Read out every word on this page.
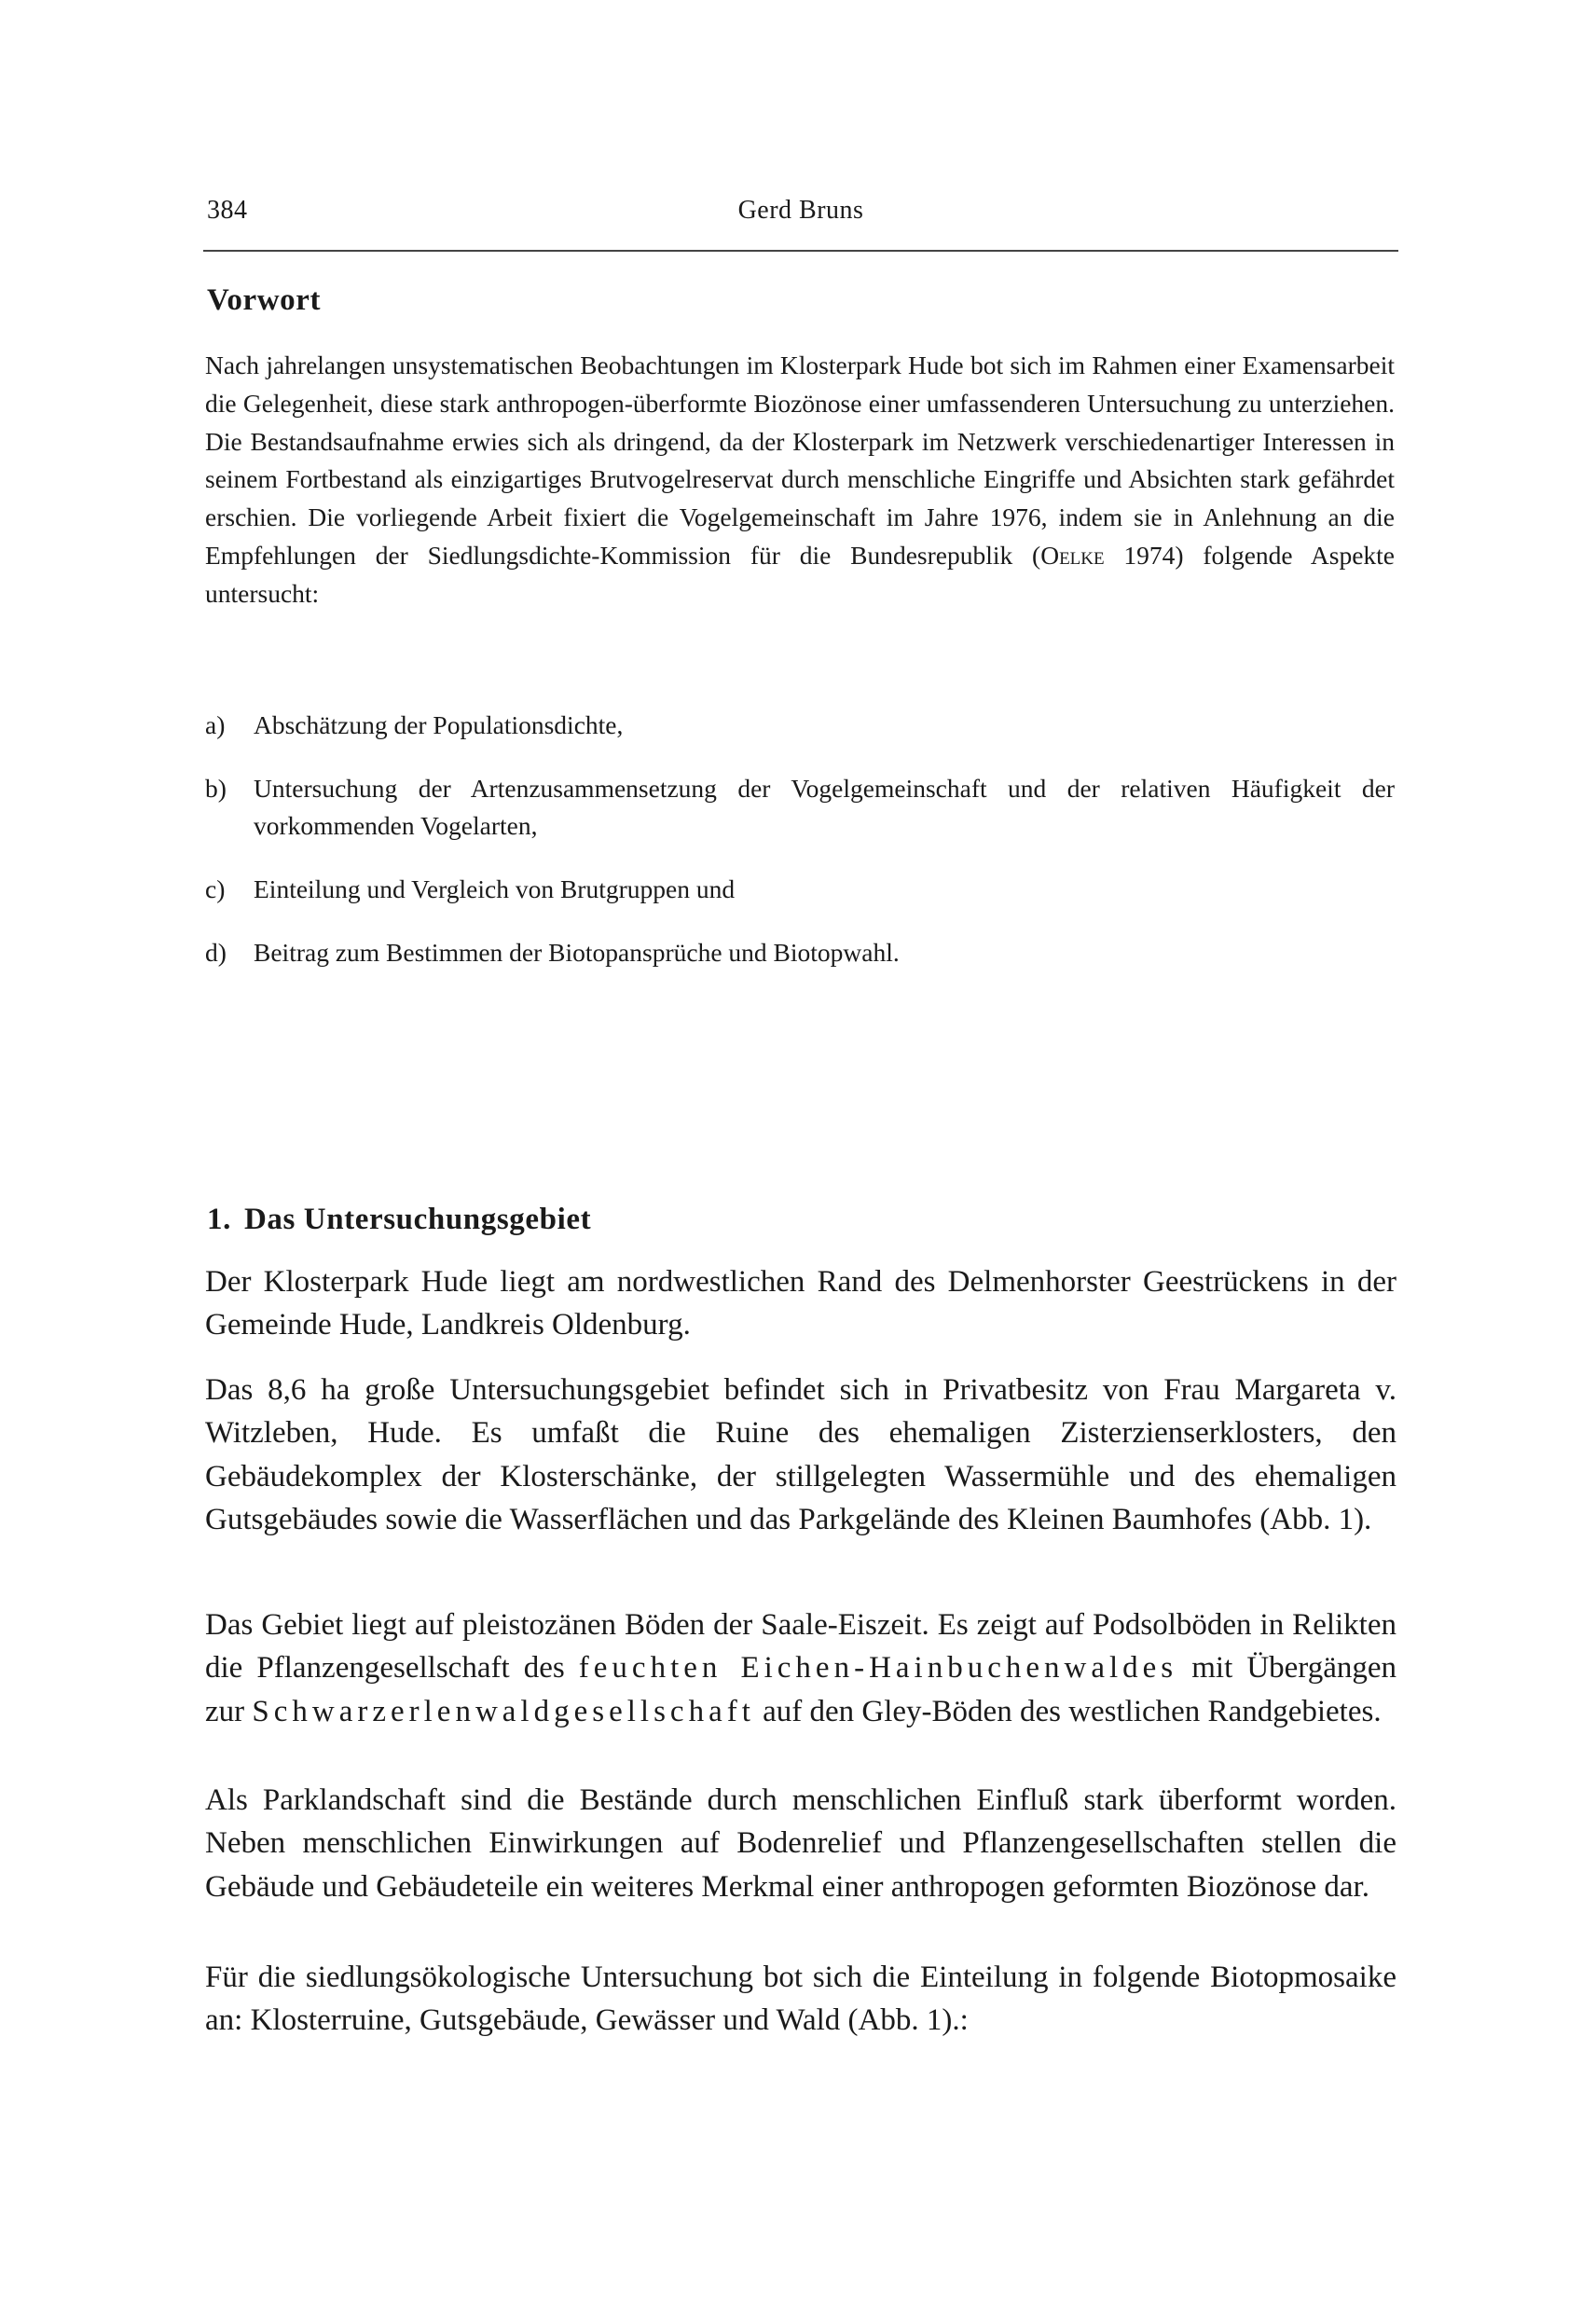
384	Gerd Bruns
Vorwort

Nach jahrelangen unsystematischen Beobachtungen im Klosterpark Hude bot sich im Rahmen einer Examensarbeit die Gelegenheit, diese stark anthropogen-überformte Biozönose einer umfassenderen Untersuchung zu unterziehen. Die Bestandsaufnahme erwies sich als dringend, da der Klosterpark im Netzwerk verschiedenartiger Interessen in seinem Fortbestand als einzigartiges Brutvogelreservat durch menschliche Eingriffe und Absichten stark gefährdet erschien. Die vorliegende Arbeit fixiert die Vogelgemeinschaft im Jahre 1976, indem sie in Anlehnung an die Empfehlungen der Siedlungsdichte-Kommission für die Bundesrepublik (Oelke 1974) folgende Aspekte untersucht:

a) Abschätzung der Populationsdichte,
b) Untersuchung der Artenzusammensetzung der Vogelgemeinschaft und der relativen Häufigkeit der vorkommenden Vogelarten,
c) Einteilung und Vergleich von Brutgruppen und
d) Beitrag zum Bestimmen der Biotopansprüche und Biotopwahl.
1. Das Untersuchungsgebiet

Der Klosterpark Hude liegt am nordwestlichen Rand des Delmenhorster Geestrückens in der Gemeinde Hude, Landkreis Oldenburg.

Das 8,6 ha große Untersuchungsgebiet befindet sich in Privatbesitz von Frau Margareta v. Witzleben, Hude. Es umfaßt die Ruine des ehemaligen Zisterzienserklosters, den Gebäudekomplex der Klosterschänke, der stillgelegten Wassermühle und des ehemaligen Gutsgebäudes sowie die Wasserflächen und das Parkgelände des Kleinen Baumhofes (Abb. 1).

Das Gebiet liegt auf pleistozänen Böden der Saale-Eiszeit. Es zeigt auf Podsolböden in Relikten die Pflanzengesellschaft des feuchten Eichen-Hainbuchenwaldes mit Übergängen zur Schwarzerlenwaldgesellschaft auf den Gley-Böden des westlichen Randgebietes.

Als Parklandschaft sind die Bestände durch menschlichen Einfluß stark überformt worden. Neben menschlichen Einwirkungen auf Bodenrelief und Pflanzengesellschaften stellen die Gebäude und Gebäudeteile ein weiteres Merkmal einer anthropogen geformten Biozönose dar.

Für die siedlungsökologische Untersuchung bot sich die Einteilung in folgende Biotopmosaike an: Klosterruine, Gutsgebäude, Gewässer und Wald (Abb. 1).:
